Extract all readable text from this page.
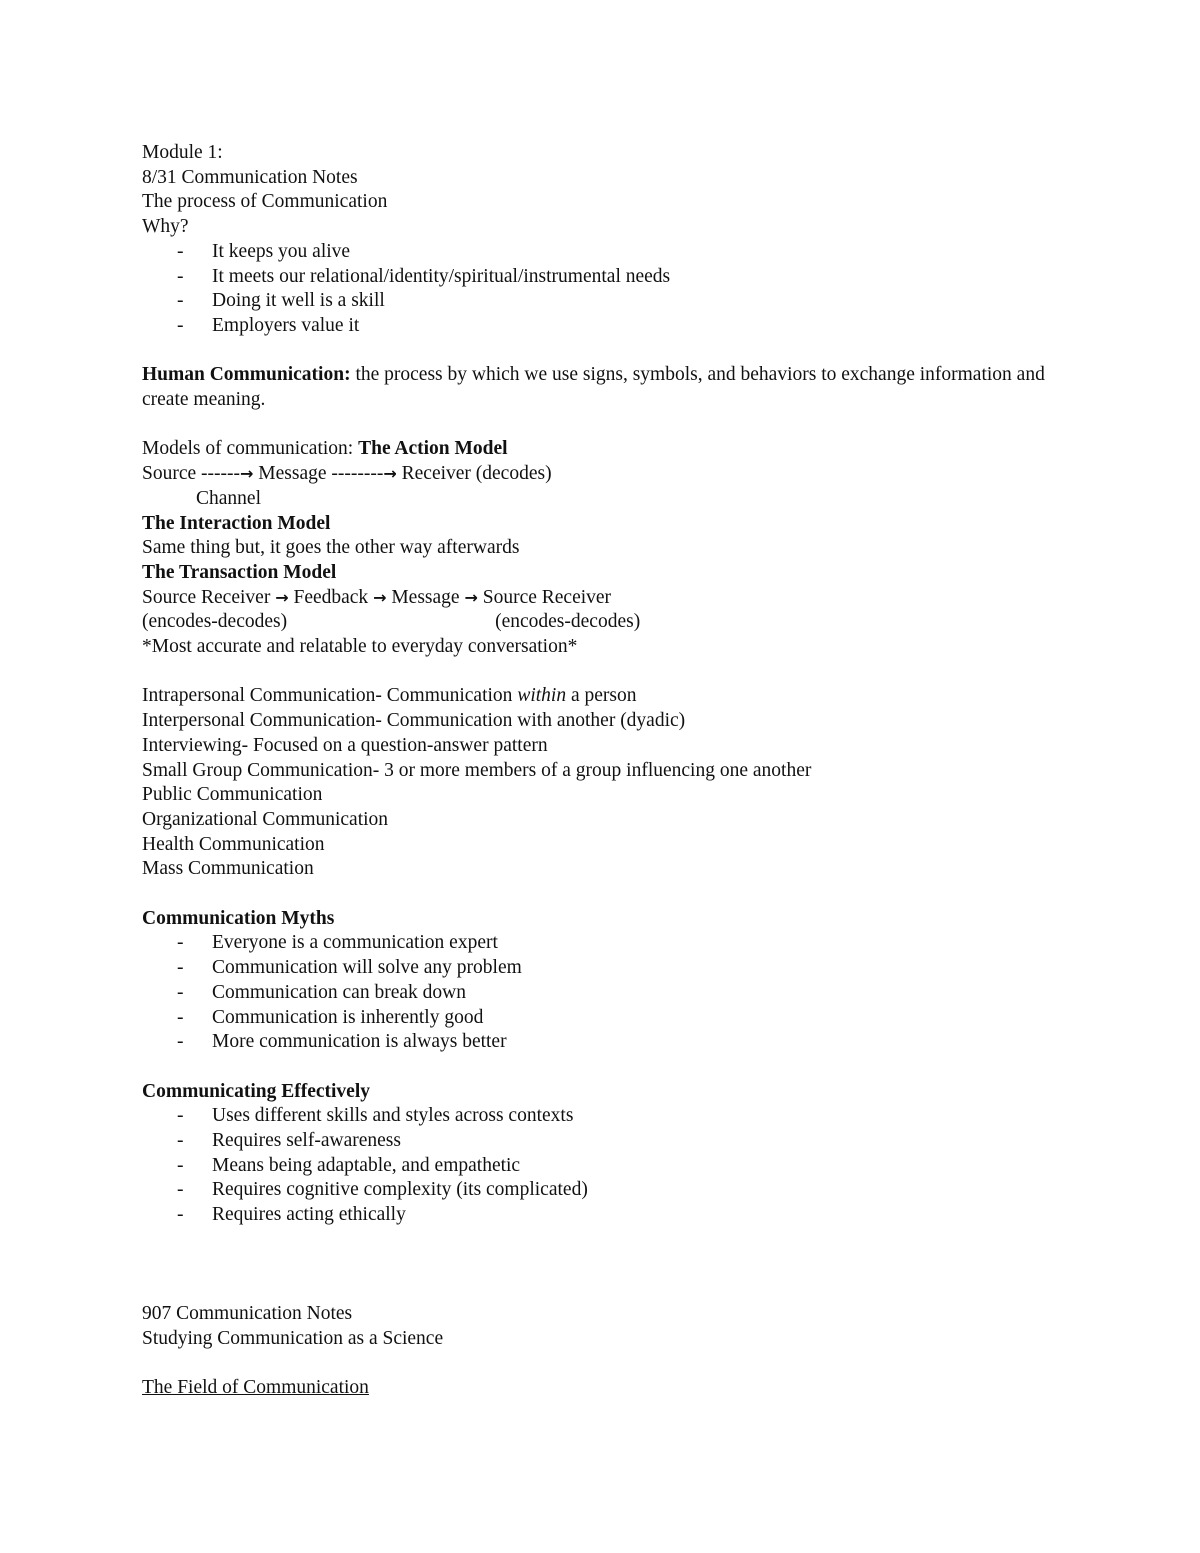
Module 1:
8/31 Communication Notes
The process of Communication
Why?
- It keeps you alive
- It meets our relational/identity/spiritual/instrumental needs
- Doing it well is a skill
- Employers value it
Human Communication: the process by which we use signs, symbols, and behaviors to exchange information and create meaning.
Models of communication: The Action Model
Source ------→ Message --------→ Receiver (decodes)
Channel
The Interaction Model
Same thing but, it goes the other way afterwards
The Transaction Model
Source Receiver → Feedback → Message → Source Receiver
(encodes-decodes)	(encodes-decodes)
*Most accurate and relatable to everyday conversation*
Intrapersonal Communication- Communication within a person
Interpersonal Communication- Communication with another (dyadic)
Interviewing- Focused on a question-answer pattern
Small Group Communication- 3 or more members of a group influencing one another
Public Communication
Organizational Communication
Health Communication
Mass Communication
Communication Myths
- Everyone is a communication expert
- Communication will solve any problem
- Communication can break down
- Communication is inherently good
- More communication is always better
Communicating Effectively
- Uses different skills and styles across contexts
- Requires self-awareness
- Means being adaptable, and empathetic
- Requires cognitive complexity (its complicated)
- Requires acting ethically
907 Communication Notes
Studying Communication as a Science
The Field of Communication
